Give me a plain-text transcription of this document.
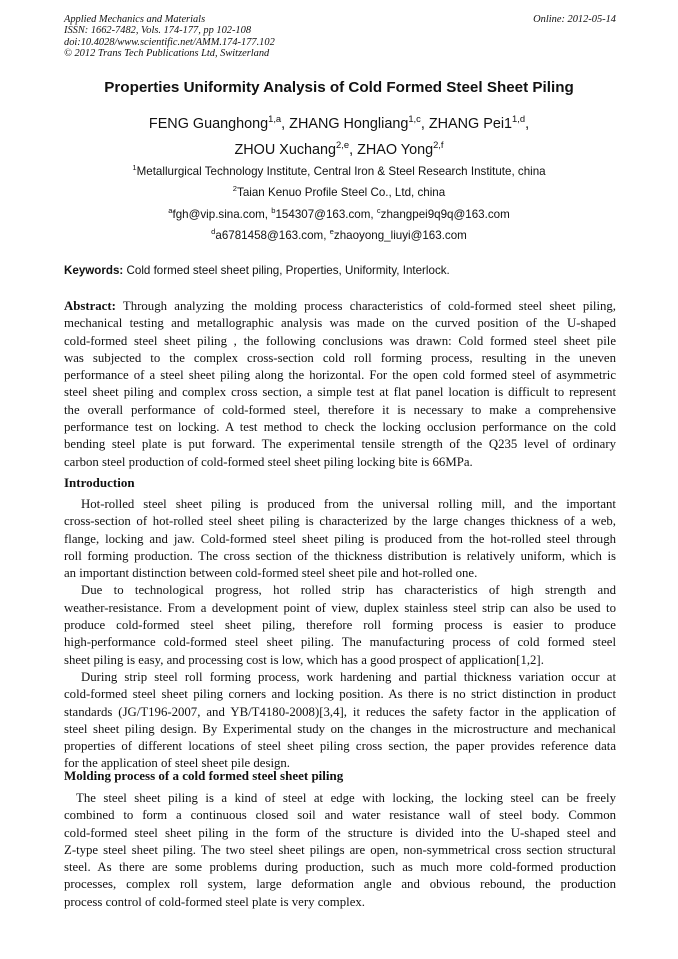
Applied Mechanics and Materials
ISSN: 1662-7482, Vols. 174-177, pp 102-108
doi:10.4028/www.scientific.net/AMM.174-177.102
© 2012 Trans Tech Publications Ltd, Switzerland
Online: 2012-05-14
Properties Uniformity Analysis of Cold Formed Steel Sheet Piling
FENG Guanghong$^{1,a}$, ZHANG Hongliang$^{1,c}$, ZHANG Pei1$^{1,d}$,
ZHOU Xuchang$^{2,e}$, ZHAO Yong$^{2,f}$
$^1$Metallurgical Technology Institute, Central Iron & Steel Research Institute, china
$^2$Taian Kenuo Profile Steel Co., Ltd, china
$^a$fgh@vip.sina.com, $^b$154307@163.com, $^c$zhangpei9q9q@163.com
$^d$a6781458@163.com, $^e$zhaoyong_liuyi@163.com
Keywords: Cold formed steel sheet piling, Properties, Uniformity, Interlock.
Abstract: Through analyzing the molding process characteristics of cold-formed steel sheet piling,
mechanical testing and metallographic analysis was made on the curved position of the U-shaped
cold-formed steel sheet piling , the following conclusions was drawn: Cold formed steel sheet pile
was subjected to the complex cross-section cold roll forming process, resulting in the uneven
performance of a steel sheet piling along the horizontal. For the open cold formed steel of asymmetric
steel sheet piling and complex cross section, a simple test at flat panel location is difficult to represent
the overall performance of cold-formed steel, therefore it is necessary to make a comprehensive
performance test on locking. A test method to check the locking occlusion performance on the cold
bending steel plate is put forward. The experimental tensile strength of the Q235 level of ordinary
carbon steel production of cold-formed steel sheet piling locking bite is 66MPa.
Introduction
Hot-rolled steel sheet piling is produced from the universal rolling mill, and the important
cross-section of hot-rolled steel sheet piling is characterized by the large changes thickness of a web,
flange, locking and jaw. Cold-formed steel sheet piling is produced from the hot-rolled steel through
roll forming production. The cross section of the thickness distribution is relatively uniform, which is
an important distinction between cold-formed steel sheet pile and hot-rolled one.
Due to technological progress, hot rolled strip has characteristics of high strength and
weather-resistance. From a development point of view, duplex stainless steel strip can also be used to
produce cold-formed steel sheet piling, therefore roll forming process is easier to produce
high-performance cold-formed steel sheet piling. The manufacturing process of cold formed steel
sheet piling is easy, and processing cost is low, which has a good prospect of application[1,2].
During strip steel roll forming process, work hardening and partial thickness variation occur at
cold-formed steel sheet piling corners and locking position. As there is no strict distinction in product
standards (JG/T196-2007, and YB/T4180-2008)[3,4], it reduces the safety factor in the application of
steel sheet piling design. By Experimental study on the changes in the microstructure and mechanical
properties of different locations of steel sheet piling cross section, the paper provides reference data
for the application of steel sheet pile design.
Molding process of a cold formed steel sheet piling
The steel sheet piling is a kind of steel at edge with locking, the locking steel can be freely
combined to form a continuous closed soil and water resistance wall of steel body. Common
cold-formed steel sheet piling in the form of the structure is divided into the U-shaped steel and
Z-type steel sheet piling. The two steel sheet pilings are open, non-symmetrical cross section structural
steel. As there are some problems during production, such as much more cold-formed production
processes, complex roll system, large deformation angle and obvious rebound, the production
process control of cold-formed steel plate is very complex.
